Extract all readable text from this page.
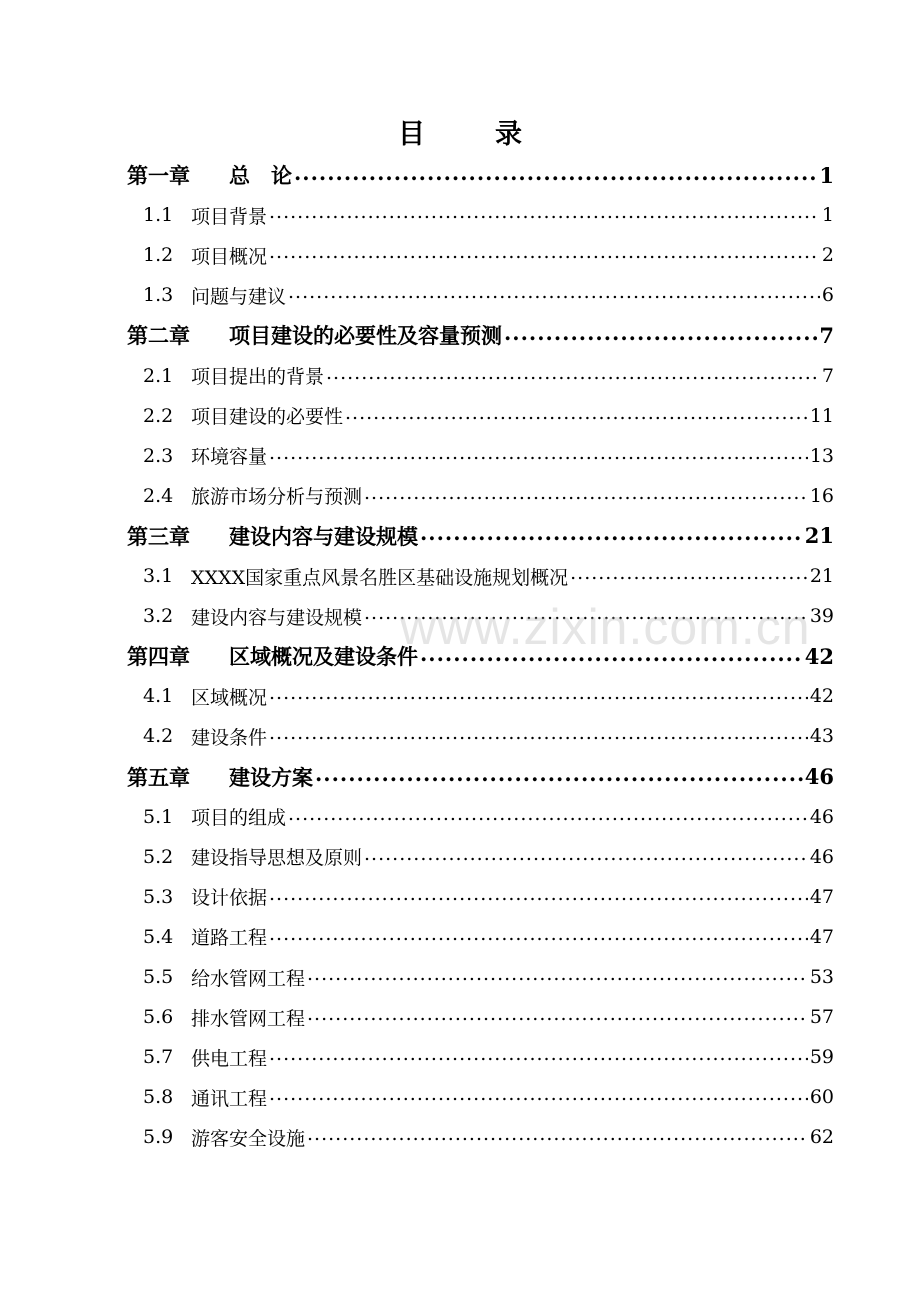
目	录
第一章	总　论 .....	1
1.1 项目背景 .....	1
1.2 项目概况 .....	2
1.3 问题与建议 .....	6
第二章	项目建设的必要性及容量预测 .....	7
2.1 项目提出的背景 .....	7
2.2 项目建设的必要性 .....	11
2.3 环境容量 .....	13
2.4 旅游市场分析与预测 .....	16
第三章	建设内容与建设规模 .....	21
3.1 XXXX国家重点风景名胜区基础设施规划概况 .....	21
3.2 建设内容与建设规模 .....	39
第四章	区域概况及建设条件 .....	42
4.1 区域概况 .....	42
4.2 建设条件 .....	43
第五章	建设方案 .....	46
5.1 项目的组成 .....	46
5.2 建设指导思想及原则 .....	46
5.3 设计依据 .....	47
5.4 道路工程 .....	47
5.5 给水管网工程 .....	53
5.6 排水管网工程 .....	57
5.7 供电工程 .....	59
5.8 通讯工程 .....	60
5.9 游客安全设施 .....	62
www.zixin.com.cn
